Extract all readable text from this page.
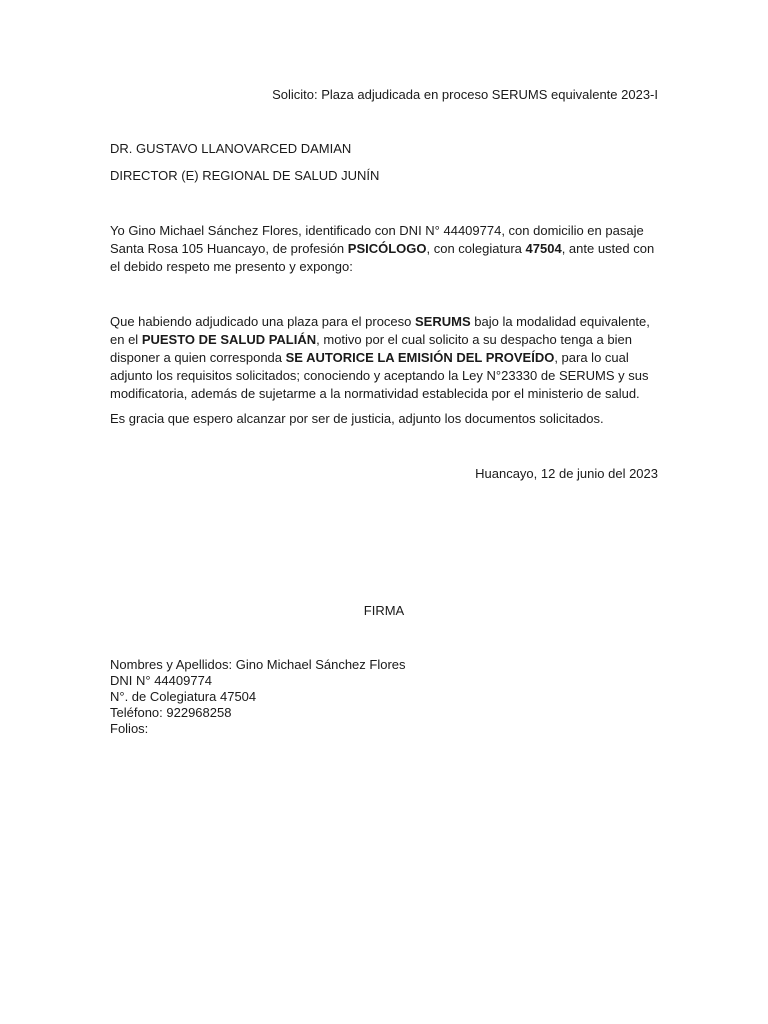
Solicito: Plaza adjudicada en proceso SERUMS equivalente 2023-I

DR. GUSTAVO LLANOVARCED DAMIAN

DIRECTOR (E) REGIONAL DE SALUD JUNÍN

Yo Gino Michael Sánchez Flores, identificado con DNI N° 44409774, con domicilio en pasaje Santa Rosa 105 Huancayo, de profesión PSICÓLOGO, con colegiatura 47504, ante usted con el debido respeto me presento y expongo:

Que habiendo adjudicado una plaza para el proceso SERUMS bajo la modalidad equivalente, en el PUESTO DE SALUD PALIÁN, motivo por el cual solicito a su despacho tenga a bien disponer a quien corresponda SE AUTORICE LA EMISIÓN DEL PROVEÍDO, para lo cual adjunto los requisitos solicitados; conociendo y aceptando la Ley N°23330 de SERUMS y sus modificatoria, además de sujetarme a la normatividad establecida por el ministerio de salud.

Es gracia que espero alcanzar por ser de justicia, adjunto los documentos solicitados.

Huancayo, 12 de junio del 2023

FIRMA

Nombres y Apellidos: Gino Michael Sánchez Flores
DNI N° 44409774
N°. de Colegiatura 47504
Teléfono: 922968258
Folios:
